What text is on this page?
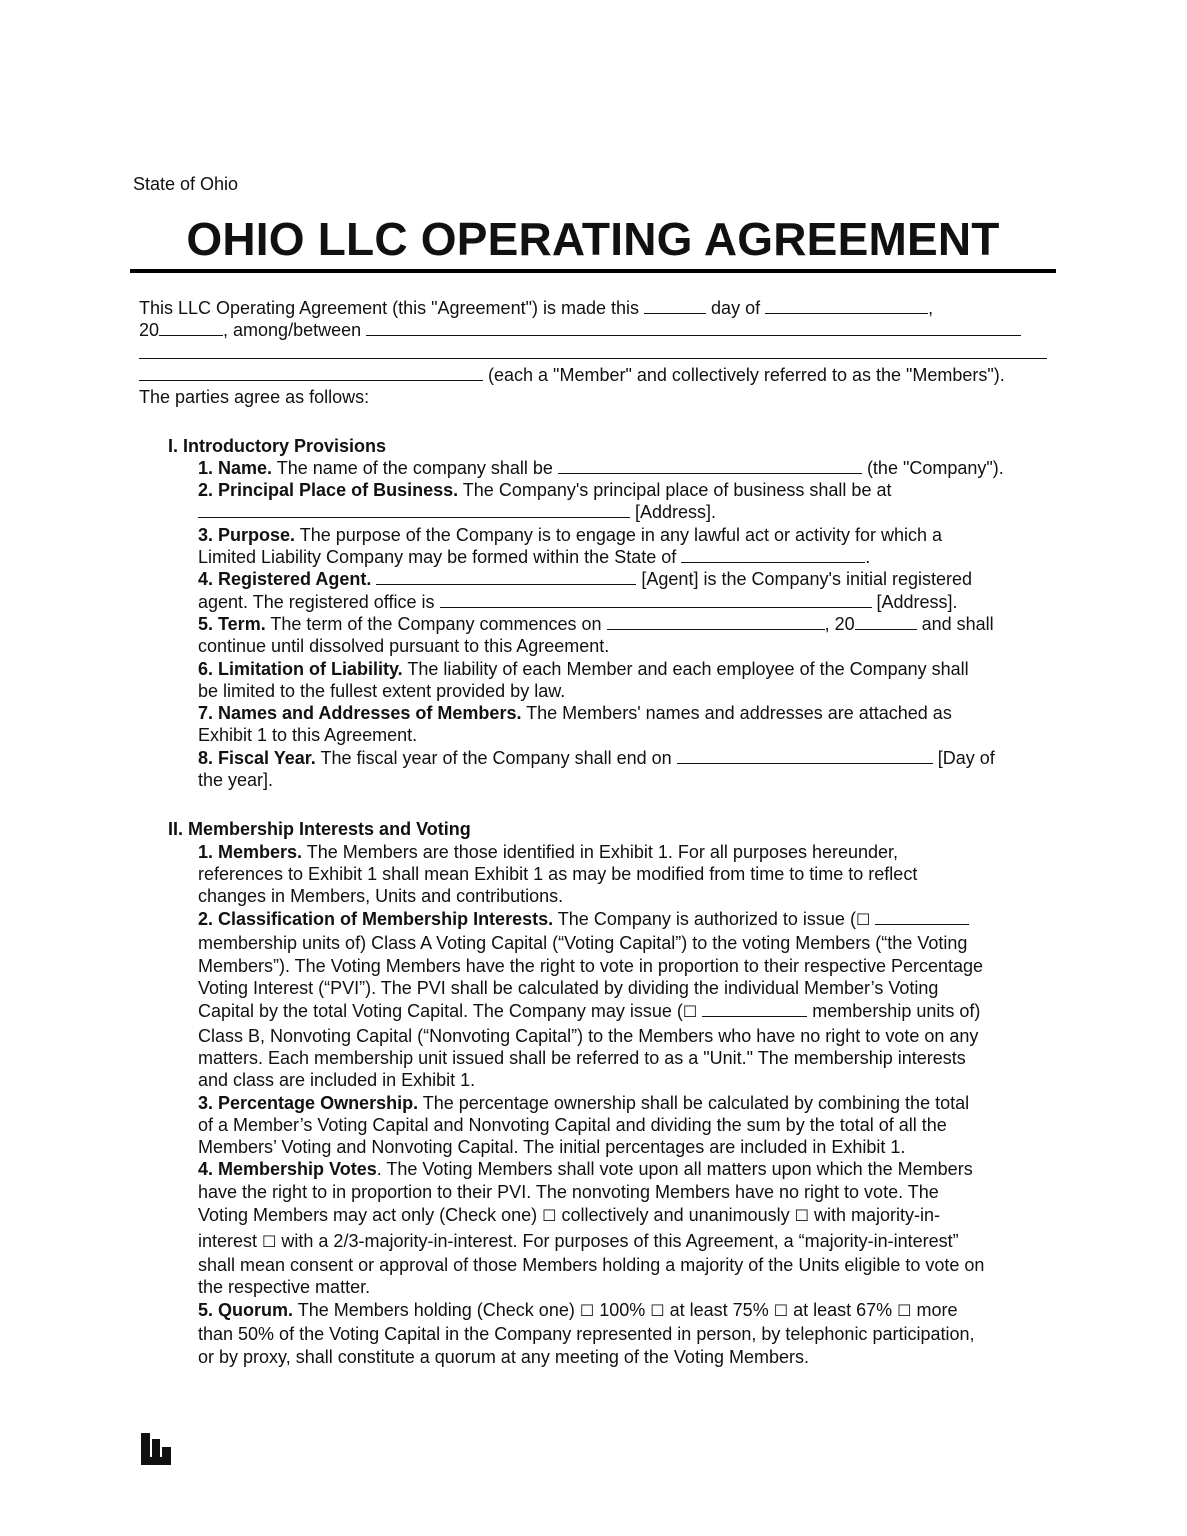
State of Ohio
OHIO LLC OPERATING AGREEMENT
This LLC Operating Agreement (this "Agreement") is made this	day of	,
20	, among/between
(each a "Member" and collectively referred to as the "Members").
The parties agree as follows:
I. Introductory Provisions
1. Name. The name of the company shall be	(the "Company").
2. Principal Place of Business. The Company's principal place of business shall be at
[Address].
3. Purpose. The purpose of the Company is to engage in any lawful act or activity for which a
Limited Liability Company may be formed within the State of	.
4. Registered Agent.	[Agent] is the Company's initial registered
agent. The registered office is	[Address].
5. Term. The term of the Company commences on	, 20	and shall
continue until dissolved pursuant to this Agreement.
6. Limitation of Liability. The liability of each Member and each employee of the Company shall
be limited to the fullest extent provided by law.
7. Names and Addresses of Members. The Members' names and addresses are attached as
Exhibit 1 to this Agreement.
8. Fiscal Year. The fiscal year of the Company shall end on	[Day of
the year].
II. Membership Interests and Voting
1. Members. The Members are those identified in Exhibit 1. For all purposes hereunder,
references to Exhibit 1 shall mean Exhibit 1 as may be modified from time to time to reflect
changes in Members, Units and contributions.
2. Classification of Membership Interests. The Company is authorized to issue (☐
membership units of) Class A Voting Capital (“Voting Capital”) to the voting Members (“the Voting
Members”). The Voting Members have the right to vote in proportion to their respective Percentage
Voting Interest (“PVI”). The PVI shall be calculated by dividing the individual Member’s Voting
Capital by the total Voting Capital. The Company may issue (☐	membership units of)
Class B, Nonvoting Capital (“Nonvoting Capital”) to the Members who have no right to vote on any
matters. Each membership unit issued shall be referred to as a "Unit." The membership interests
and class are included in Exhibit 1.
3. Percentage Ownership. The percentage ownership shall be calculated by combining the total
of a Member’s Voting Capital and Nonvoting Capital and dividing the sum by the total of all the
Members’ Voting and Nonvoting Capital. The initial percentages are included in Exhibit 1.
4. Membership Votes. The Voting Members shall vote upon all matters upon which the Members
have the right to in proportion to their PVI. The nonvoting Members have no right to vote. The
Voting Members may act only (Check one) ☐ collectively and unanimously ☐ with majority-in-
interest ☐ with a 2/3-majority-in-interest. For purposes of this Agreement, a “majority-in-interest”
shall mean consent or approval of those Members holding a majority of the Units eligible to vote on
the respective matter.
5. Quorum. The Members holding (Check one) ☐ 100% ☐ at least 75% ☐ at least 67% ☐ more
than 50% of the Voting Capital in the Company represented in person, by telephonic participation,
or by proxy, shall constitute a quorum at any meeting of the Voting Members.
